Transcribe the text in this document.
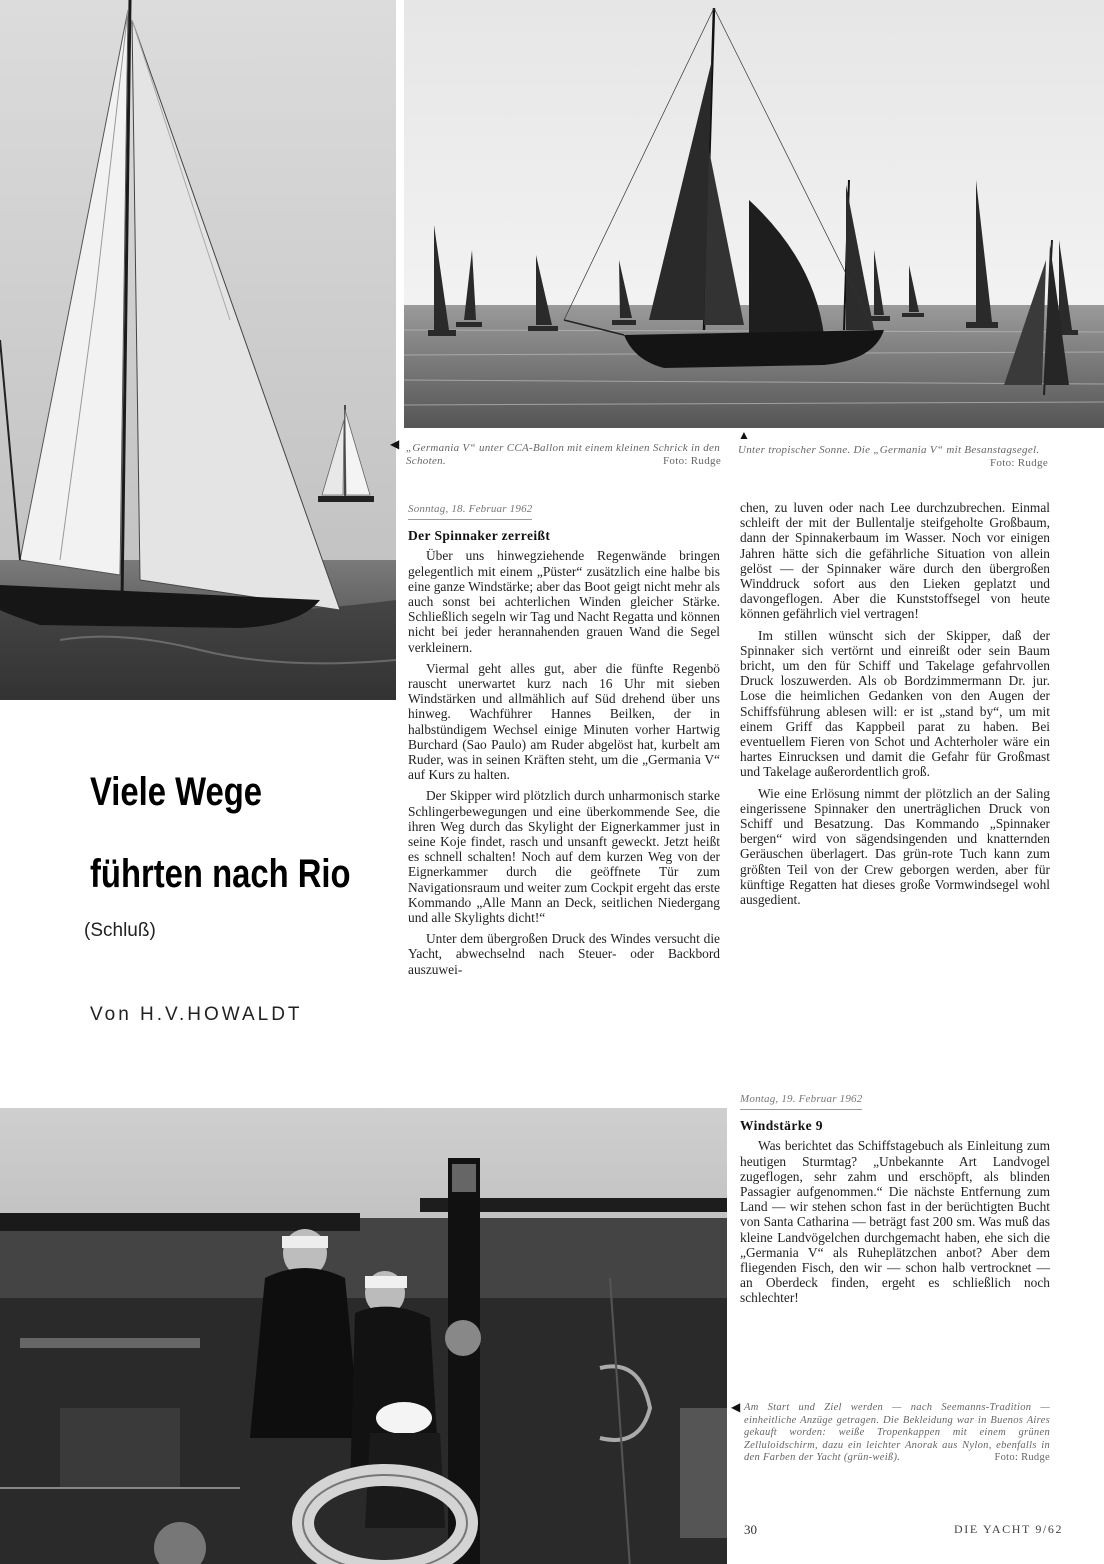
◀ „Germania V“ unter CCA-Ballon mit einem kleinen Schrick in den Schoten.	Foto: Rudge
▲
Unter tropischer Sonne. Die „Germania V“ mit Besanstagsegel.
Foto: Rudge
Viele Wege
führten nach Rio
(Schluß)
Von H.V.HOWALDT
Sonntag, 18. Februar 1962
Der Spinnaker zerreißt

Über uns hinwegziehende Regenwände bringen gelegentlich mit einem „Püster“ zusätzlich eine halbe bis eine ganze Windstärke; aber das Boot geigt nicht mehr als auch sonst bei achterlichen Winden gleicher Stärke. Schließlich segeln wir Tag und Nacht Regatta und können nicht bei jeder herannahenden grauen Wand die Segel verkleinern.

Viermal geht alles gut, aber die fünfte Regenbö rauscht unerwartet kurz nach 16 Uhr mit sieben Windstärken und allmählich auf Süd drehend über uns hinweg. Wachführer Hannes Beilken, der in halbstündigem Wechsel einige Minuten vorher Hartwig Burchard (Sao Paulo) am Ruder abgelöst hat, kurbelt am Ruder, was in seinen Kräften steht, um die „Germania V“ auf Kurs zu halten.

Der Skipper wird plötzlich durch unharmonisch starke Schlingerbewegungen und eine überkommende See, die ihren Weg durch das Skylight der Eignerkammer just in seine Koje findet, rasch und unsanft geweckt. Jetzt heißt es schnell schalten! Noch auf dem kurzen Weg von der Eignerkammer durch die geöffnete Tür zum Navigationsraum und weiter zum Cockpit ergeht das erste Kommando „Alle Mann an Deck, seitlichen Niedergang und alle Skylights dicht!“

Unter dem übergroßen Druck des Windes versucht die Yacht, abwechselnd nach Steuer- oder Backbord auszuwei-

chen, zu luven oder nach Lee durchzubrechen. Einmal schleift der mit der Bullentalje steifgeholte Großbaum, dann der Spinnakerbaum im Wasser. Noch vor einigen Jahren hätte sich die gefährliche Situation von allein gelöst — der Spinnaker wäre durch den übergroßen Winddruck sofort aus den Lieken geplatzt und davongeflogen. Aber die Kunststoffsegel von heute können gefährlich viel vertragen!

Im stillen wünscht sich der Skipper, daß der Spinnaker sich vertörnt und einreißt oder sein Baum bricht, um den für Schiff und Takelage gefahrvollen Druck loszuwerden. Als ob Bordzimmermann Dr. jur. Lose die heimlichen Gedanken von den Augen der Schiffsführung ablesen will: er ist „stand by“, um mit einem Griff das Kappbeil parat zu haben. Bei eventuellem Fieren von Schot und Achterholer wäre ein hartes Einrucksen und damit die Gefahr für Großmast und Takelage außerordentlich groß.

Wie eine Erlösung nimmt der plötzlich an der Saling eingerissene Spinnaker den unerträglichen Druck von Schiff und Besatzung. Das Kommando „Spinnaker bergen“ wird von sägendsingenden und knatternden Geräuschen überlagert. Das grün-rote Tuch kann zum größten Teil von der Crew geborgen werden, aber für künftige Regatten hat dieses große Vormwindsegel wohl ausgedient.

Montag, 19. Februar 1962
Windstärke 9

Was berichtet das Schiffstagebuch als Einleitung zum heutigen Sturmtag? „Unbekannte Art Landvogel zugeflogen, sehr zahm und erschöpft, als blinden Passagier aufgenommen.“ Die nächste Entfernung zum Land — wir stehen schon fast in der berüchtigten Bucht von Santa Catharina — beträgt fast 200 sm. Was muß das kleine Landvögelchen durchgemacht haben, ehe sich die „Germania V“ als Ruheplätzchen anbot? Aber dem fliegenden Fisch, den wir — schon halb vertrocknet — an Oberdeck finden, ergeht es schließlich noch schlechter!

◀ Am Start und Ziel werden — nach Seemanns-Tradition — einheitliche Anzüge getragen. Die Bekleidung war in Buenos Aires gekauft worden: weiße Tropenkappen mit einem grünen Zelluloidschirm, dazu ein leichter Anorak aus Nylon, ebenfalls in den Farben der Yacht (grün-weiß).	Foto: Rudge
30	DIE YACHT 9/62
